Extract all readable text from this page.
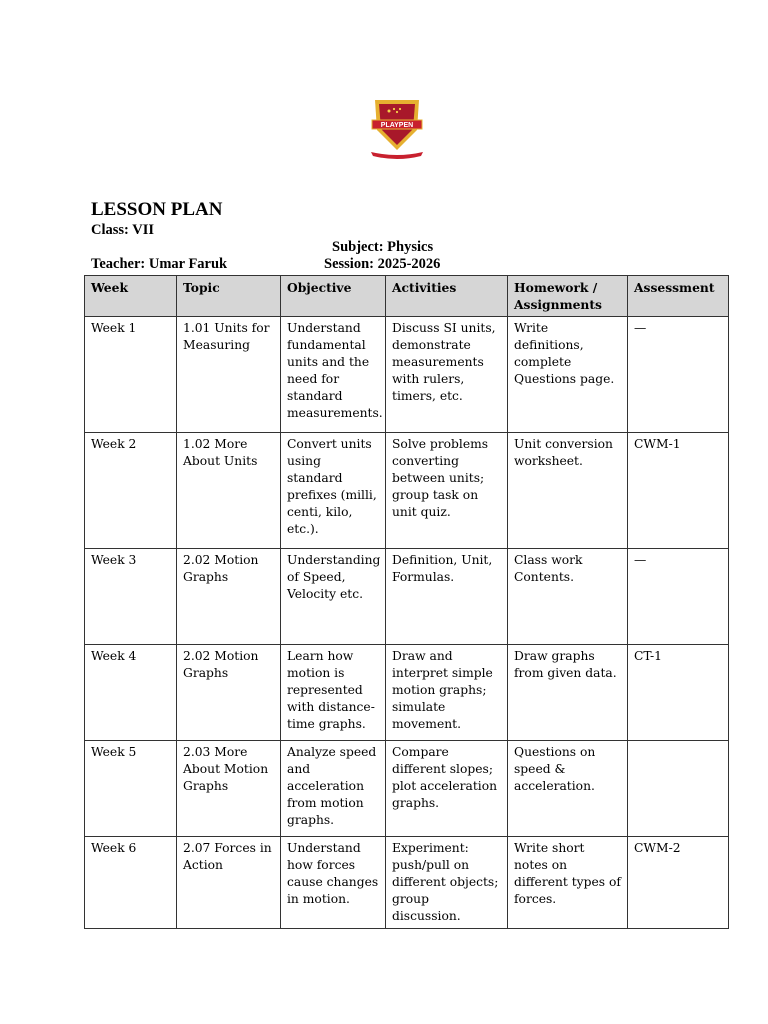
PLAYPEN
LESSON PLAN
Class: VII
Subject: Physics
Teacher: Umar Faruk	Session: 2025-2026
Week	Topic	Objective	Activities	Homework / Assignments	Assessment
Week 1	1.01 Units for Measuring	Understand fundamental units and the need for standard measurements.	Discuss SI units, demonstrate measurements with rulers, timers, etc.	Write definitions, complete Questions page.	—
Week 2	1.02 More About Units	Convert units using standard prefixes (milli, centi, kilo, etc.).	Solve problems converting between units; group task on unit quiz.	Unit conversion worksheet.	CWM-1
Week 3	2.02 Motion Graphs	Understanding of Speed, Velocity etc.	Definition, Unit, Formulas.	Class work Contents.	—
Week 4	2.02 Motion Graphs	Learn how motion is represented with distance-time graphs.	Draw and interpret simple motion graphs; simulate movement.	Draw graphs from given data.	CT-1
Week 5	2.03 More About Motion Graphs	Analyze speed and acceleration from motion graphs.	Compare different slopes; plot acceleration graphs.	Questions on speed & acceleration.	
Week 6	2.07 Forces in Action	Understand how forces cause changes in motion.	Experiment: push/pull on different objects; group discussion.	Write short notes on different types of forces.	CWM-2
